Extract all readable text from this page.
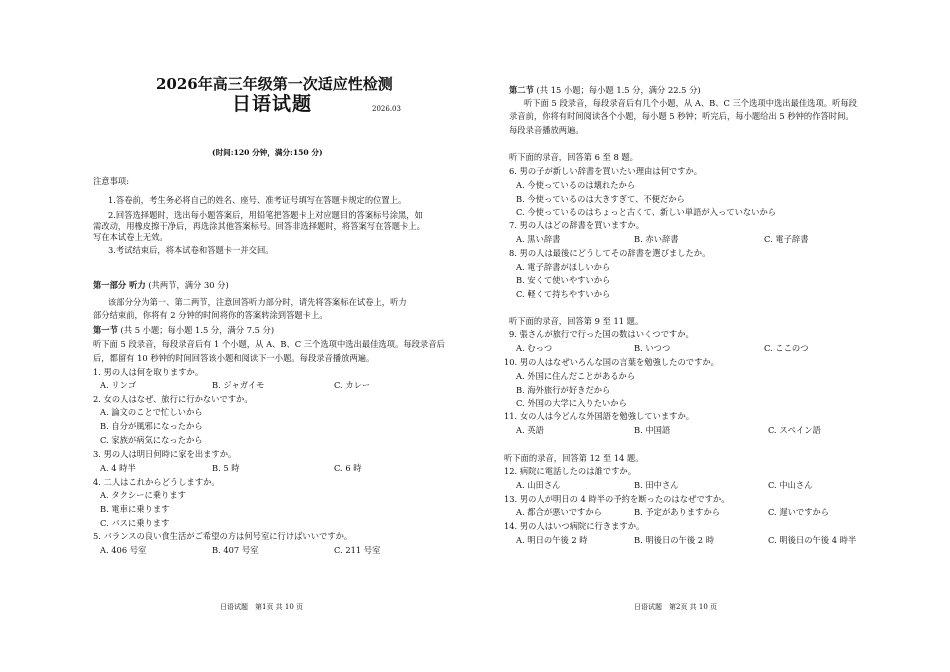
2026年高三年级第一次适应性检测
日语试题	2026.03
(时间:120 分钟，满分:150 分)
注意事项:
1.答卷前，考生务必将自己的姓名、座号、准考证号填写在答题卡规定的位置上。
2.回答选择题时，选出每小题答案后，用铅笔把答题卡上对应题目的答案标号涂黑，如
需改动，用橡皮擦干净后，再选涂其他答案标号。回答非选择题时，将答案写在答题卡上。
写在本试卷上无效。
3.考试结束后，将本试卷和答题卡一并交回。
第一部分 听力 (共两节，满分 30 分)
该部分分为第一、第二两节，注意回答听力部分时，请先将答案标在试卷上，听力
部分结束前，你将有 2 分钟的时间将你的答案转涂到答题卡上。
第一节 (共 5 小题；每小题 1.5 分，满分 7.5 分)
听下面 5 段录音，每段录音后有 1 个小题，从 A、B、C 三个选项中选出最佳选项。每段录音后
后，都留有 10 秒钟的时间回答该小题和阅读下一小题。每段录音播放两遍。
1. 男の人は何を取りますか。
A. リンゴ	B. ジャガイモ	C. カレー
2. 女の人はなぜ、旅行に行かないですか。
A. 論文のことで忙しいから
B. 自分が風邪になったから
C. 家族が病気になったから
3. 男の人は明日何時に家を出ますか。
A. 4 時半	B. 5 時	C. 6 時
4. 二人はこれからどうしますか。
A. タクシーに乗ります
B. 電車に乗ります
C. バスに乗ります
5. バランスの良い食生活がご希望の方は何号室に行けばいいですか。
A. 406 号室	B. 407 号室	C. 211 号室
日语试题　第1页 共 10 页
第二节 (共 15 小题；每小题 1.5 分，满分 22.5 分)
听下面 5 段录音，每段录音后有几个小题，从 A、B、C 三个选项中选出最佳选项。听每段
录音前，你将有时间阅读各个小题，每小题 5 秒钟；听完后，每小题给出 5 秒钟的作答时间。
每段录音播放两遍。
听下面的录音，回答第 6 至 8 题。
6. 男の子が新しい辞書を買いたい理由は何ですか。
A. 今使っているのは壊れたから
B. 今使っているのは大きすぎて、不便だから
C. 今使っているのはちょっと古くて、新しい単語が入っていないから
7. 男の人はどの辞書を買いますか。
A. 黒い辞書	B. 赤い辞書	C. 電子辞書
8. 男の人は最後にどうしてその辞書を選びましたか。
A. 電子辞書がほしいから
B. 安くて使いやすいから
C. 軽くて持ちやすいから
听下面的录音，回答第 9 至 11 题。
9. 張さんが旅行で行った国の数はいくつですか。
A. むっつ	B. いつつ	C. ここのつ
10. 男の人はなぜいろんな国の言葉を勉強したのですか。
A. 外国に住んだことがあるから
B. 海外旅行が好きだから
C. 外国の大学に入りたいから
11. 女の人は今どんな外国語を勉強していますか。
A. 英語	B. 中国語	C. スペイン語
听下面的录音，回答第 12 至 14 题。
12. 病院に電話したのは誰ですか。
A. 山田さん	B. 田中さん	C. 中山さん
13. 男の人が明日の 4 時半の予約を断ったのはなぜですか。
A. 都合が悪いですから	B. 予定がありますから	C. 遅いですから
14. 男の人はいつ病院に行きますか。
A. 明日の午後 2 時	B. 明後日の午後 2 時	C. 明後日の午後 4 時半
日语试题　第2页 共 10 页
